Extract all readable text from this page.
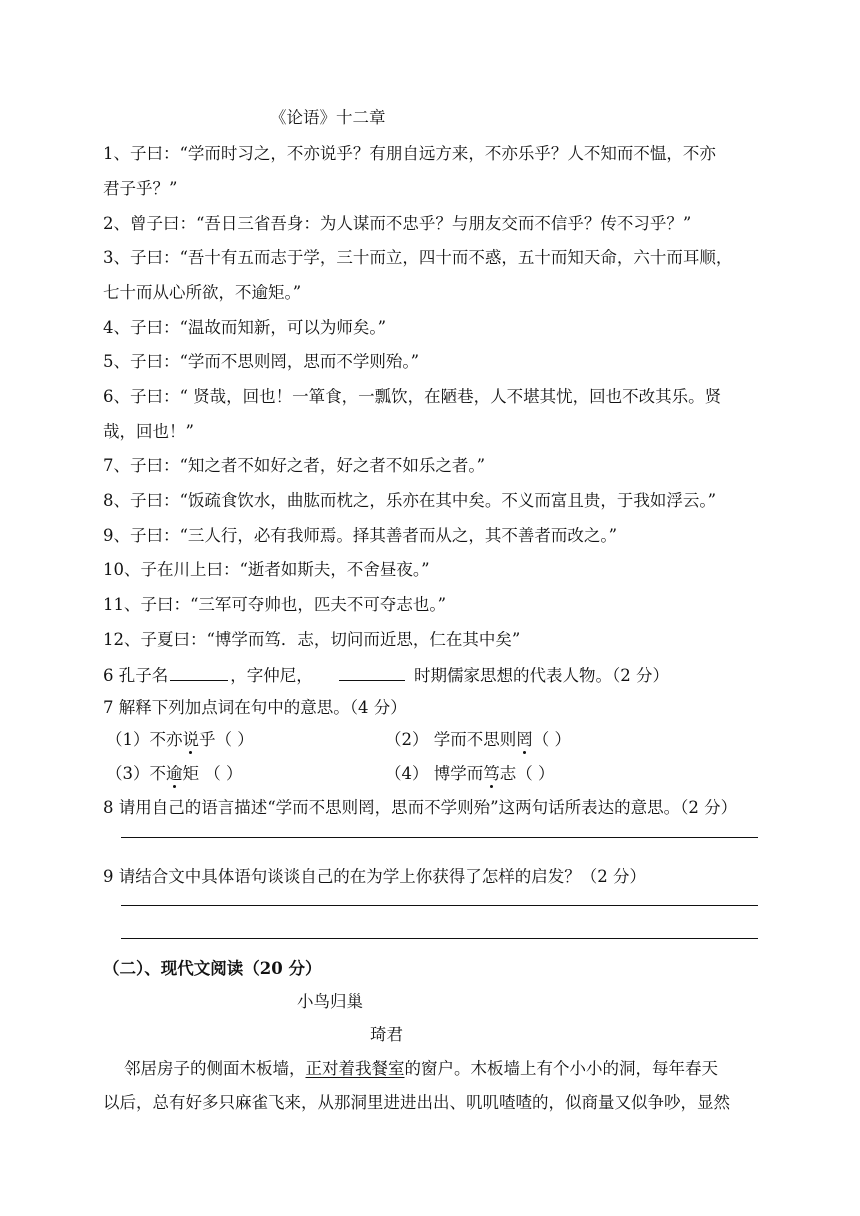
《论语》十二章
1、子曰：“学而时习之，不亦说乎？有朋自远方来，不亦乐乎？人不知而不愠，不亦
君子乎？”
2、曾子曰：“吾日三省吾身：为人谋而不忠乎？与朋友交而不信乎？传不习乎？”
3、子曰：“吾十有五而志于学，三十而立，四十而不惑，五十而知天命，六十而耳顺，
七十而从心所欲，不逾矩。”
4、子曰：“温故而知新，可以为师矣。”
5、子曰：“学而不思则罔，思而不学则殆。”
6、子曰：“ 贤哉，回也！一箪食，一瓢饮，在陋巷，人不堪其忧，回也不改其乐。贤
哉，回也！”
7、子曰：“知之者不如好之者，好之者不如乐之者。”
8、子曰：“饭疏食饮水，曲肱而枕之，乐亦在其中矣。不义而富且贵，于我如浮云。”
9、子曰：“三人行，必有我师焉。择其善者而从之，其不善者而改之。”
10、子在川上曰：“逝者如斯夫，不舍昼夜。”
11、子曰：“三军可夺帅也，匹夫不可夺志也。”
12、子夏曰：“博学而笃．志，切问而近思，仁在其中矣”
6 孔子名	，字仲尼，	时期儒家思想的代表人物。（2 分）
7 解释下列加点词在句中的意思。（4 分）
（1）不亦说乎（ ）	（2） 学而不思则罔（ ）
（3）不逾矩 （ ）	（4） 博学而笃志（ ）
8 请用自己的语言描述“学而不思则罔，思而不学则殆”这两句话所表达的意思。（2 分）
9 请结合文中具体语句谈谈自己的在为学上你获得了怎样的启发？（2 分）
（二）、现代文阅读（20 分）
小鸟归巢
琦君
邻居房子的侧面木板墙，正对着我餐室的窗户。木板墙上有个小小的洞，每年春天
以后，总有好多只麻雀飞来，从那洞里进进出出、叽叽喳喳的，似商量又似争吵，显然
